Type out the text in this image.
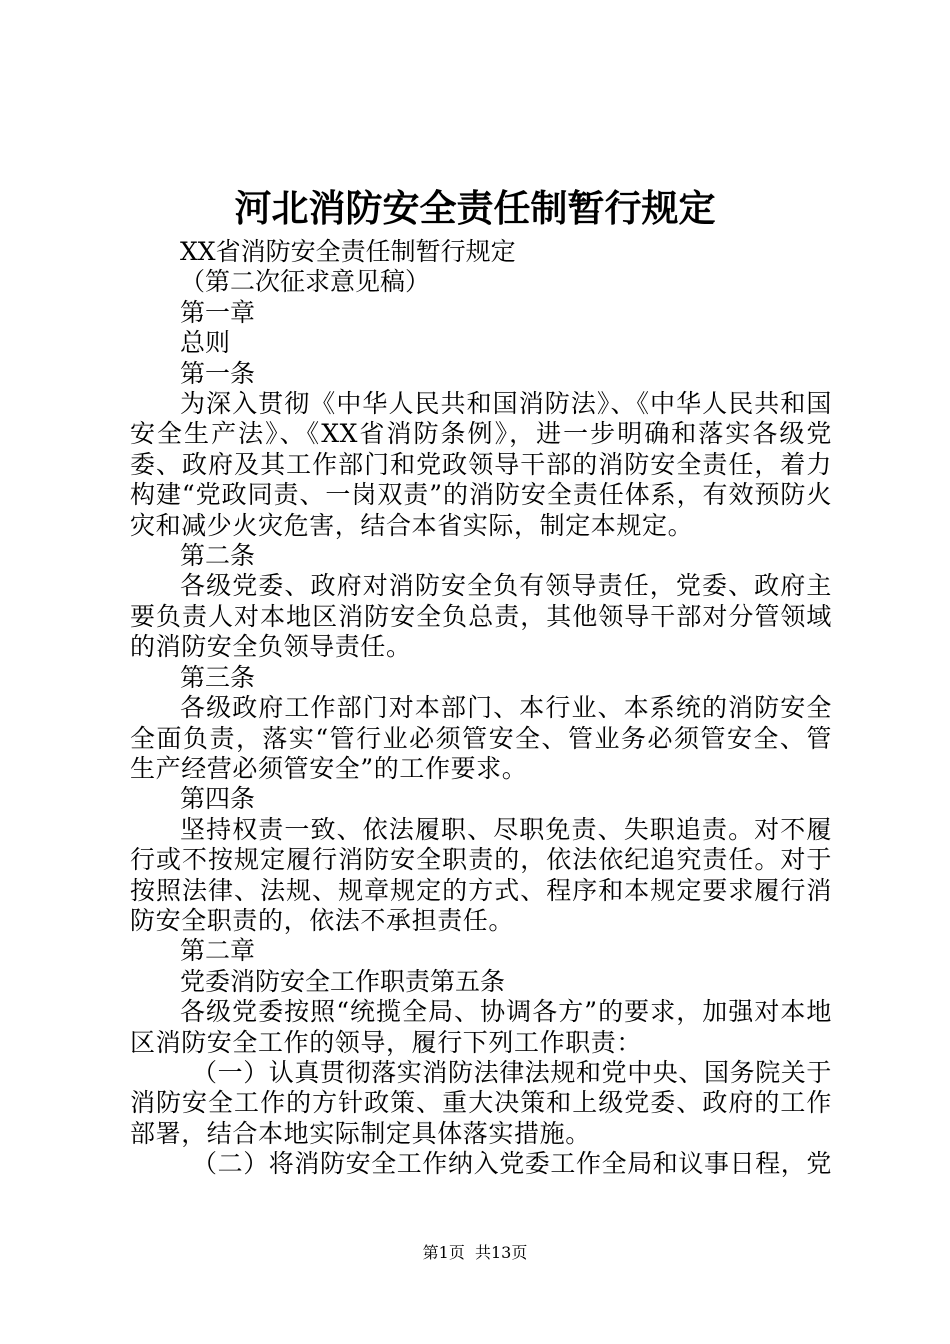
河北消防安全责任制暂行规定

XX省消防安全责任制暂行规定

（第二次征求意见稿）

第一章

总则

第一条

为深入贯彻《中华人民共和国消防法》、《中华人民共和国安全生产法》、《XX省消防条例》，进一步明确和落实各级党委、政府及其工作部门和党政领导干部的消防安全责任，着力构建“党政同责、一岗双责”的消防安全责任体系，有效预防火灾和减少火灾危害，结合本省实际，制定本规定。

第二条

各级党委、政府对消防安全负有领导责任，党委、政府主要负责人对本地区消防安全负总责，其他领导干部对分管领域的消防安全负领导责任。

第三条

各级政府工作部门对本部门、本行业、本系统的消防安全全面负责，落实“管行业必须管安全、管业务必须管安全、管生产经营必须管安全”的工作要求。

第四条

坚持权责一致、依法履职、尽职免责、失职追责。对不履行或不按规定履行消防安全职责的，依法依纪追究责任。对于按照法律、法规、规章规定的方式、程序和本规定要求履行消防安全职责的，依法不承担责任。

第二章

党委消防安全工作职责第五条

各级党委按照“统揽全局、协调各方”的要求，加强对本地区消防安全工作的领导，履行下列工作职责：

（一）认真贯彻落实消防法律法规和党中央、国务院关于消防安全工作的方针政策、重大决策和上级党委、政府的工作部署，结合本地实际制定具体落实措施。

（二）将消防安全工作纳入党委工作全局和议事日程，党

第1页  共13页
